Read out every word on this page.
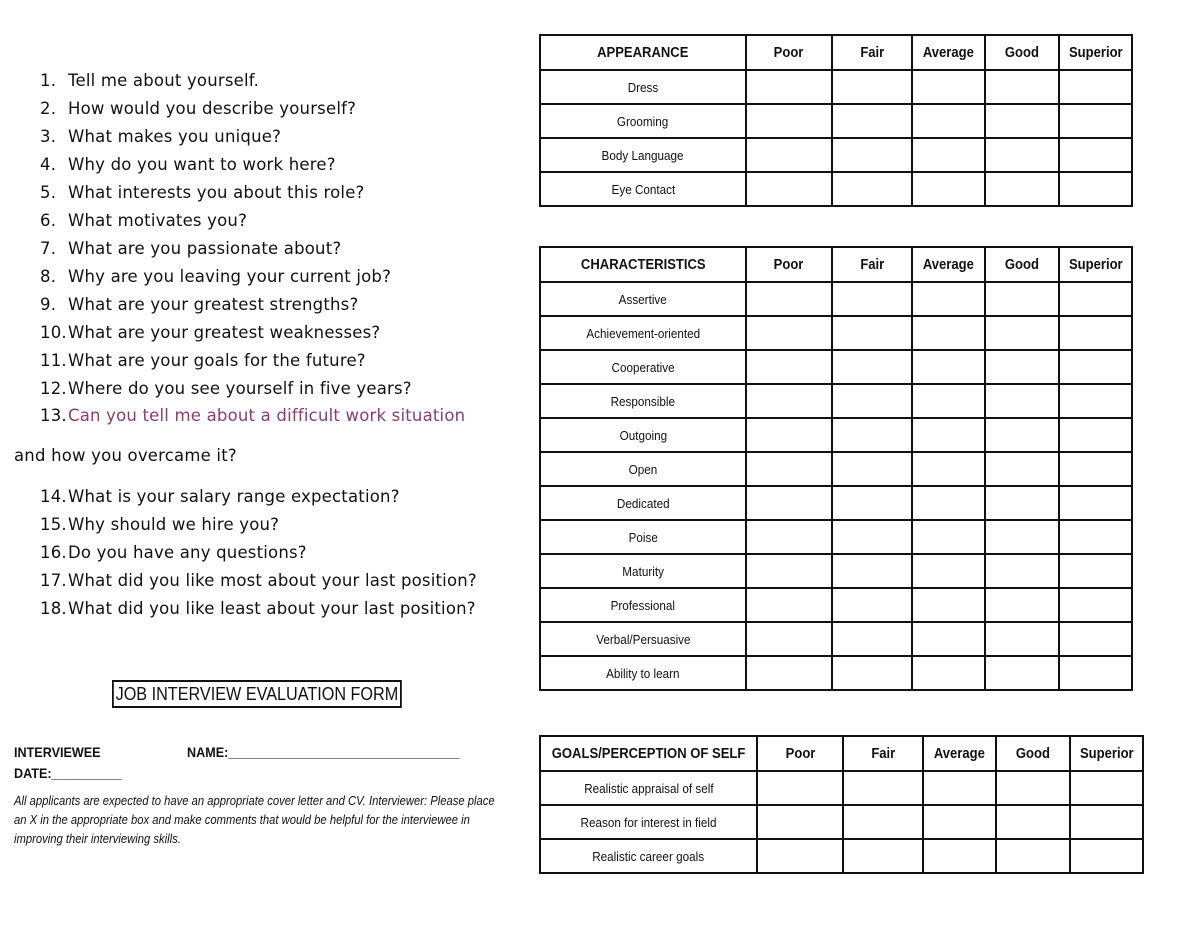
1. Tell me about yourself.
2. How would you describe yourself?
3. What makes you unique?
4. Why do you want to work here?
5. What interests you about this role?
6. What motivates you?
7. What are you passionate about?
8. Why are you leaving your current job?
9. What are your greatest strengths?
10.What are your greatest weaknesses?
11.What are your goals for the future?
12.Where do you see yourself in five years?
13.Can you tell me about a difficult work situation
14.What is your salary range expectation?
15.Why should we hire you?
16.Do you have any questions?
17.What did you like most about your last position?
18.What did you like least about your last position?
and how you overcame it?
JOB INTERVIEW EVALUATION FORM
INTERVIEWEE	NAME:_________________________________
DATE:__________
All applicants are expected to have an appropriate cover letter and CV. Interviewer: Please place an X in the appropriate box and make comments that would be helpful for the interviewee in improving their interviewing skills.
APPEARANCE	Poor	Fair	Average	Good	Superior
Dress					
Grooming					
Body Language					
Eye Contact					
CHARACTERISTICS	Poor	Fair	Average	Good	Superior
Assertive					
Achievement-oriented					
Cooperative					
Responsible					
Outgoing					
Open					
Dedicated					
Poise					
Maturity					
Professional					
Verbal/Persuasive					
Ability to learn					
GOALS/PERCEPTION OF SELF	Poor	Fair	Average	Good	Superior
Realistic appraisal of self					
Reason for interest in field					
Realistic career goals					
